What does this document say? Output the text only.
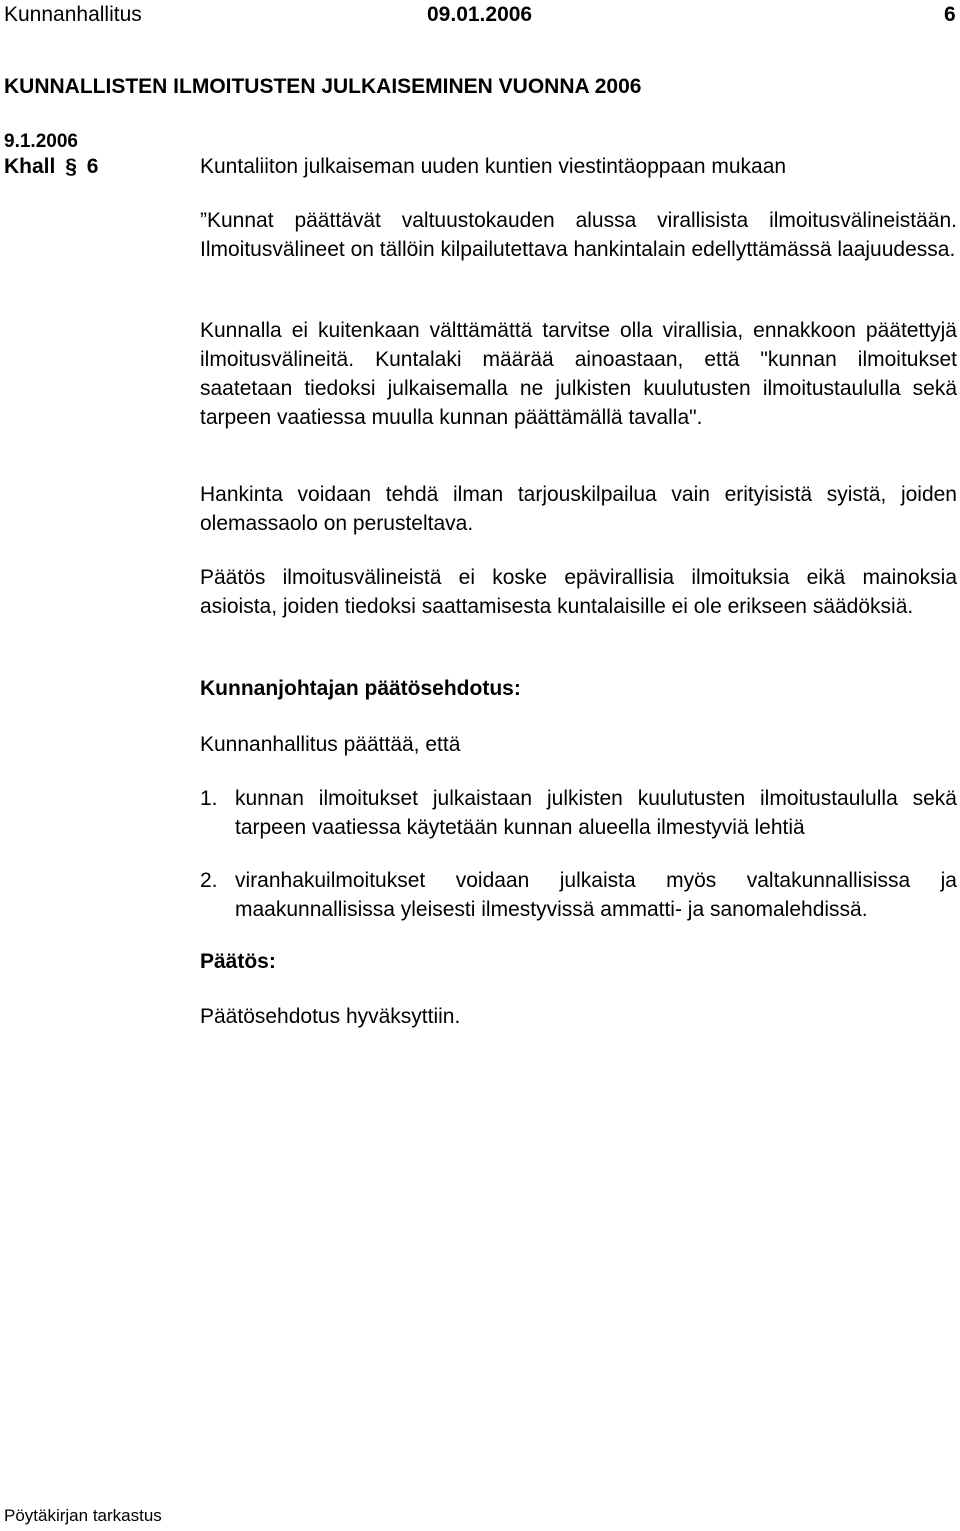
Kunnanhallitus	09.01.2006	6
KUNNALLISTEN ILMOITUSTEN JULKAISEMINEN VUONNA 2006
9.1.2006
Khall § 6	Kuntaliiton julkaiseman uuden kuntien viestintäoppaan mukaan

”Kunnat päättävät valtuustokauden alussa virallisista ilmoitusvälineistään. Ilmoitusvälineet on tällöin kilpailutettava hankintalain edellyttämässä laajuudessa.

Kunnalla ei kuitenkaan välttämättä tarvitse olla virallisia, ennakkoon päätettyjä ilmoitusvälineitä. Kuntalaki määrää ainoastaan, että "kunnan ilmoitukset saatetaan tiedoksi julkaisemalla ne julkisten kuulutusten ilmoitustaululla sekä tarpeen vaatiessa muulla kunnan päättämällä tavalla".

Hankinta voidaan tehdä ilman tarjouskilpailua vain erityisistä syistä, joiden olemassaolo on perusteltava.

Päätös ilmoitusvälineistä ei koske epävirallisia ilmoituksia eikä mainoksia asioista, joiden tiedoksi saattamisesta kuntalaisille ei ole erikseen säädöksiä.

Kunnanjohtajan päätösehdotus:
Kunnanhallitus päättää, että
1. kunnan ilmoitukset julkaistaan julkisten kuulutusten ilmoitustaululla sekä tarpeen vaatiessa käytetään kunnan alueella ilmestyviä lehtiä
2. viranhakuilmoitukset voidaan julkaista myös valtakunnallisissa ja maakunnallisissa yleisesti ilmestyvissä ammatti- ja sanomalehdissä.
Päätös:
Päätösehdotus hyväksyttiin.
Pöytäkirjan tarkastus
